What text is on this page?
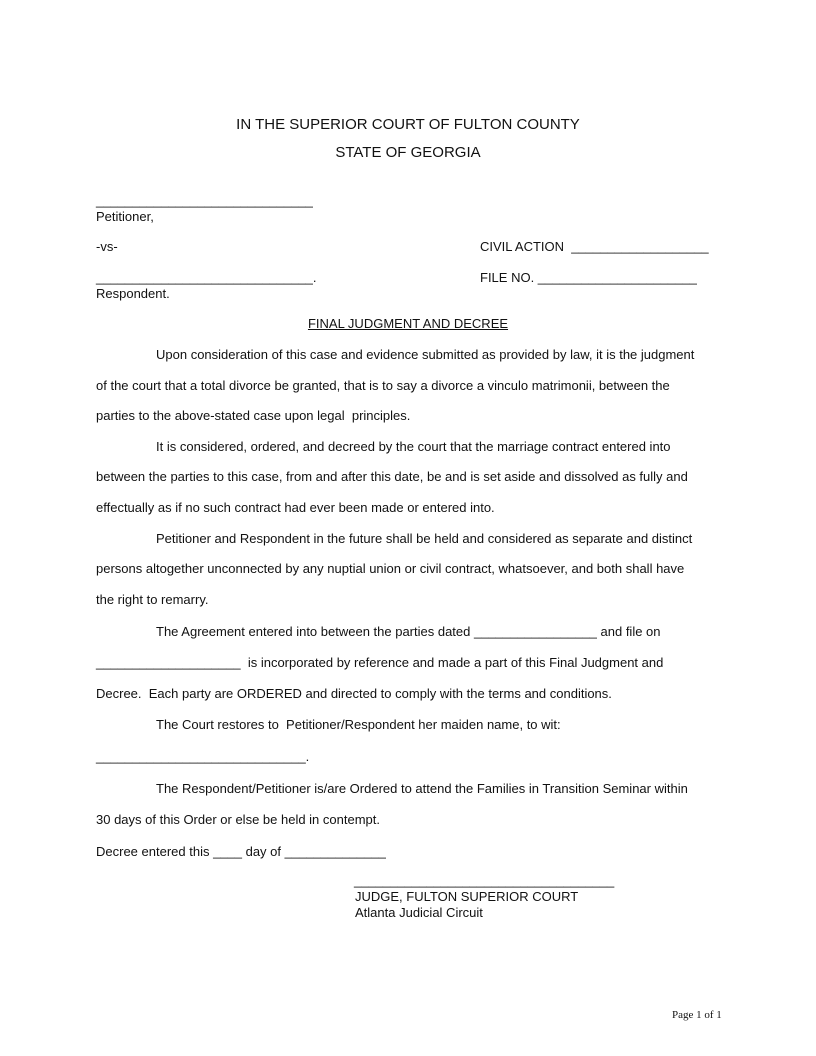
IN THE SUPERIOR COURT OF FULTON COUNTY
STATE OF GEORGIA
______________________________
Petitioner,
-vs-	CIVIL ACTION  ___________________
______________________________.	FILE NO. ______________________
Respondent.
FINAL JUDGMENT AND DECREE
Upon consideration of this case and evidence submitted as provided by law, it is the judgment
of the court that a total divorce be granted, that is to say a divorce a vinculo matrimonii, between the
parties to the above-stated case upon legal  principles.
It is considered, ordered, and decreed by the court that the marriage contract entered into
between the parties to this case, from and after this date, be and is set aside and dissolved as fully and
effectually as if no such contract had ever been made or entered into.
Petitioner and Respondent in the future shall be held and considered as separate and distinct
persons altogether unconnected by any nuptial union or civil contract, whatsoever, and both shall have
the right to remarry.
The Agreement entered into between the parties dated _________________ and file on
____________________  is incorporated by reference and made a part of this Final Judgment and
Decree.  Each party are ORDERED and directed to comply with the terms and conditions.
The Court restores to  Petitioner/Respondent her maiden name, to wit:
_____________________________.
The Respondent/Petitioner is/are Ordered to attend the Families in Transition Seminar within
30 days of this Order or else be held in contempt.
Decree entered this ____ day of ______________
____________________________________
JUDGE, FULTON SUPERIOR COURT
Atlanta Judicial Circuit
Page 1 of 1
